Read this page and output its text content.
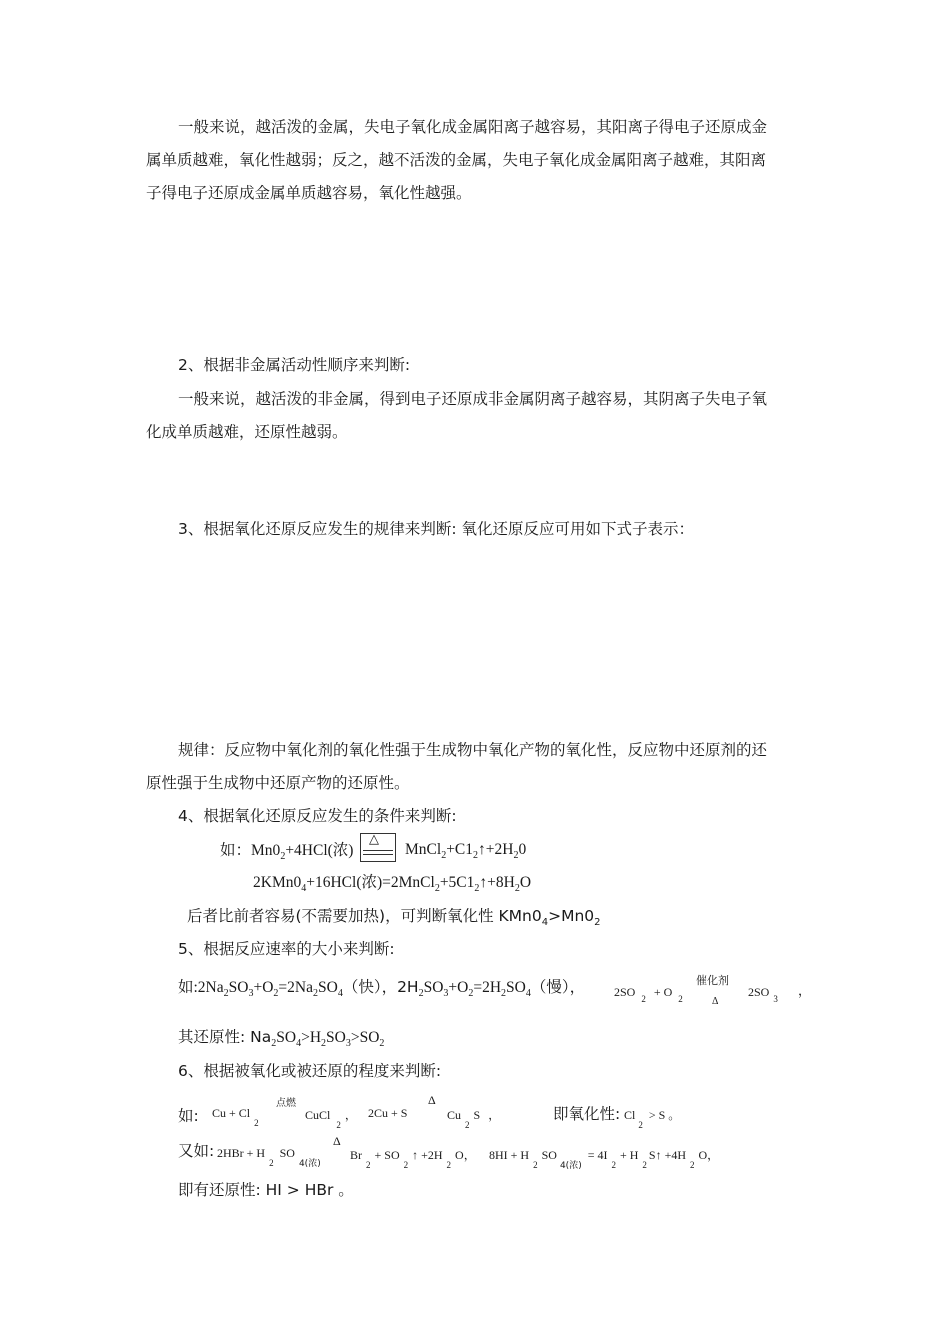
一般来说，越活泼的金属，失电子氧化成金属阳离子越容易，其阳离子得电子还原成金
属单质越难，氧化性越弱；反之，越不活泼的金属，失电子氧化成金属阳离子越难，其阳离
子得电子还原成金属单质越容易，氧化性越强。
2、根据非金属活动性顺序来判断:
一般来说，越活泼的非金属，得到电子还原成非金属阴离子越容易，其阴离子失电子氧
化成单质越难，还原性越弱。
3、根据氧化还原反应发生的规律来判断: 氧化还原反应可用如下式子表示：
规律：反应物中氧化剂的氧化性强于生成物中氧化产物的氧化性，反应物中还原剂的还
原性强于生成物中还原产物的还原性。
4、根据氧化还原反应发生的条件来判断:
如：$Mn0_2+4HCl$(浓)
△
$MnCl_2+C1_2↑+2H_20$
$2KMn0_4+16HCl$(浓)$=2MnCl_2+5C1_2↑+8H_2O$
后者比前者容易(不需要加热)，可判断氧化性 $KMn0_4>Mn0_2$
5、根据反应速率的大小来判断:
如$:2Na_2SO_3+O_2=2Na_2SO_4$（快），$2H_2SO_3+O_2=2H_2SO_4$（慢）， 2SO $_2$ + O $_2$
催化剂
Δ
2SO $_3$
，
其还原性: $Na_2SO_4>H_2SO_3>SO_2$
6、根据被氧化或被还原的程度来判断:
如: $Cu + Cl_2$
点燃
CuCl$_2$， 2Cu + S
Δ
$Cu_2S$ ，	即氧化性: $Cl_2> S$ 。
又如: $2HBr + H_2SO_{4(浓)}$
Δ
$Br_2+$ $SO_2↑ +2H_2O$， $8HI + H_2SO_{4(浓)}= 4I_2+$ $H_2S↑ +4H_2O$，
即有还原性: HI > HBr 。
